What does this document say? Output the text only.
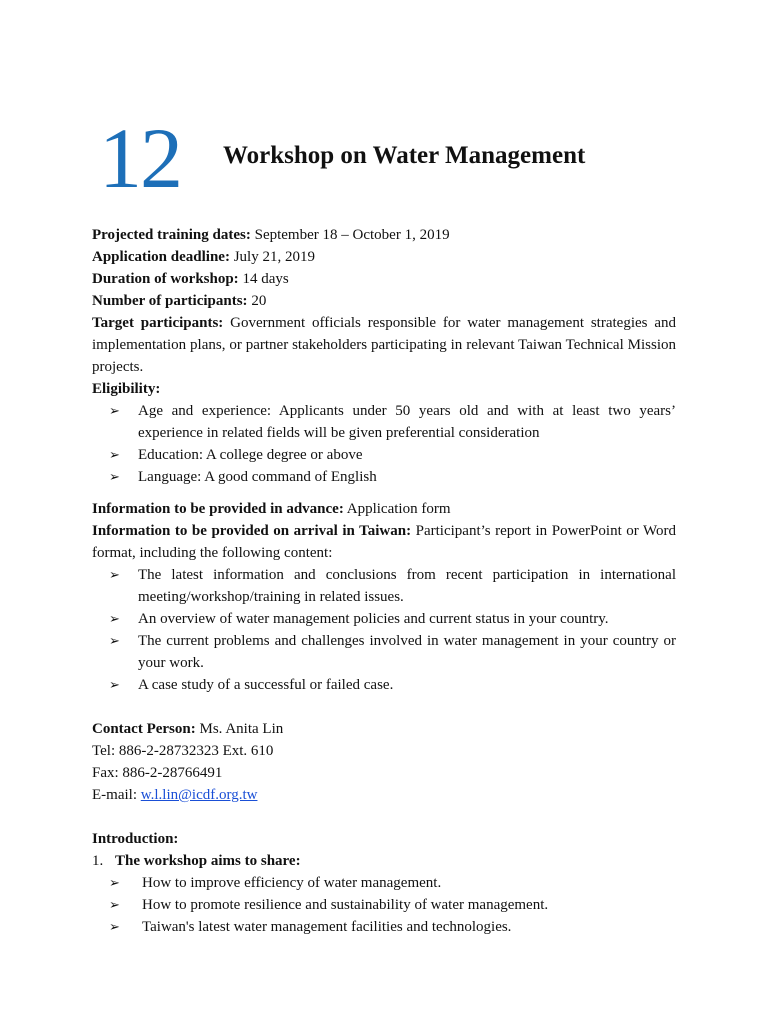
12 Workshop on Water Management

Projected training dates: September 18 – October 1, 2019

Application deadline: July 21, 2019

Duration of workshop: 14 days

Number of participants: 20

Target participants: Government officials responsible for water management strategies and implementation plans, or partner stakeholders participating in relevant Taiwan Technical Mission projects.

Eligibility:

➢ Age and experience: Applicants under 50 years old and with at least two years’ experience in related fields will be given preferential consideration
➢ Education: A college degree or above
➢ Language: A good command of English

Information to be provided in advance: Application form

Information to be provided on arrival in Taiwan: Participant’s report in PowerPoint or Word format, including the following content:

➢ The latest information and conclusions from recent participation in international meeting/workshop/training in related issues.
➢ An overview of water management policies and current status in your country.
➢ The current problems and challenges involved in water management in your country or your work.
➢ A case study of a successful or failed case.

Contact Person: Ms. Anita Lin

Tel: 886-2-28732323 Ext. 610

Fax: 886-2-28766491

E-mail: w.l.lin@icdf.org.tw

Introduction:

1. The workshop aims to share:
➢ How to improve efficiency of water management.
➢ How to promote resilience and sustainability of water management.
➢ Taiwan's latest water management facilities and technologies.
